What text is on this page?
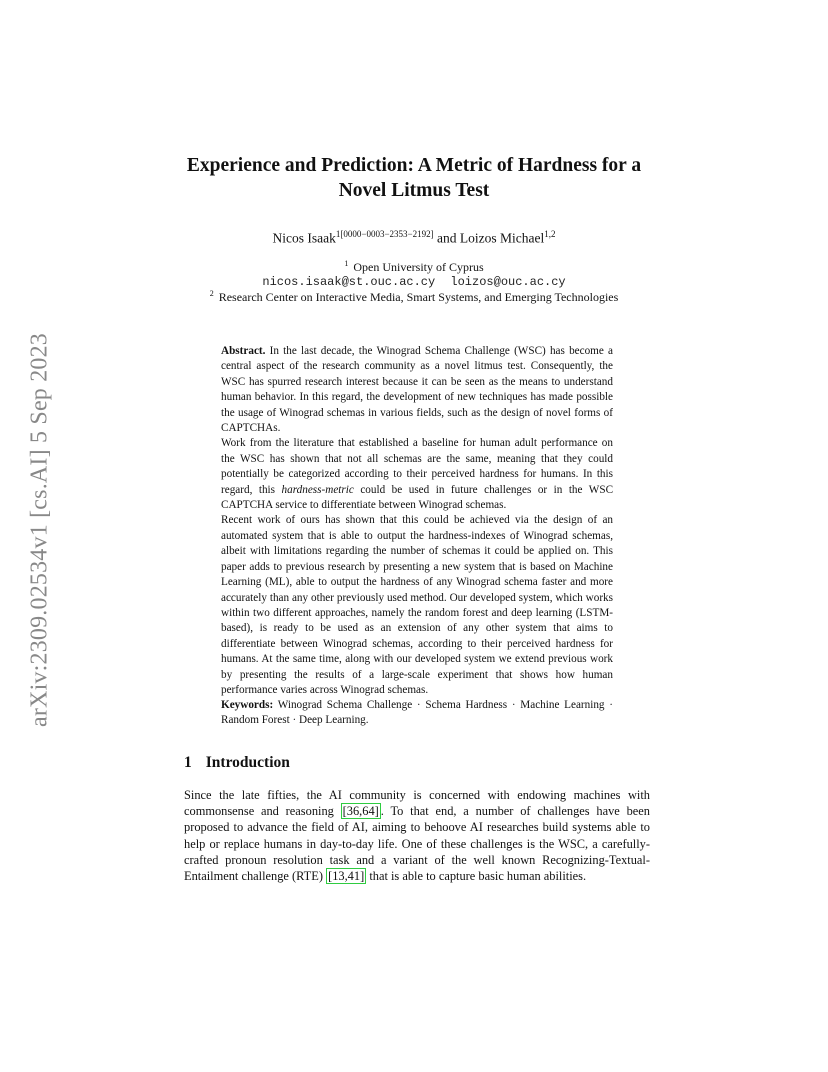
arXiv:2309.02534v1 [cs.AI] 5 Sep 2023
Experience and Prediction: A Metric of Hardness for a
Novel Litmus Test
Nicos Isaak$^{1[0000-0003-2353-2192]}$ and Loizos Michael$^{1,2}$
$^1$ Open University of Cyprus
nicos.isaak@st.ouc.ac.cy loizos@ouc.ac.cy
$^2$ Research Center on Interactive Media, Smart Systems, and Emerging Technologies

Abstract. In the last decade, the Winograd Schema Challenge (WSC) has become a central aspect of the research community as a novel litmus test. Consequently, the WSC has spurred research interest because it can be seen as the means to understand human behavior. In this regard, the development of new techniques has made possible the usage of Winograd schemas in various fields, such as the design of novel forms of CAPTCHAs.

Work from the literature that established a baseline for human adult performance on the WSC has shown that not all schemas are the same, meaning that they could potentially be categorized according to their perceived hardness for humans. In this regard, this hardness-metric could be used in future challenges or in the WSC CAPTCHA service to differentiate between Winograd schemas.

Recent work of ours has shown that this could be achieved via the design of an automated system that is able to output the hardness-indexes of Winograd schemas, albeit with limitations regarding the number of schemas it could be applied on. This paper adds to previous research by presenting a new system that is based on Machine Learning (ML), able to output the hardness of any Winograd schema faster and more accurately than any other previously used method. Our developed system, which works within two different approaches, namely the random forest and deep learning (LSTM-based), is ready to be used as an extension of any other system that aims to differentiate between Winograd schemas, according to their perceived hardness for humans. At the same time, along with our developed system we extend previous work by presenting the results of a large-scale experiment that shows how human performance varies across Winograd schemas.

Keywords: Winograd Schema Challenge · Schema Hardness · Machine Learning · Random Forest · Deep Learning.
1 Introduction

Since the late fifties, the AI community is concerned with endowing machines with commonsense and reasoning [36,64] . To that end, a number of challenges have been proposed to advance the field of AI, aiming to behoove AI researches build systems able to help or replace humans in day-to-day life. One of these challenges is the WSC, a carefully-crafted pronoun resolution task and a variant of the well known Recognizing-Textual-Entailment challenge (RTE) [13,41] that is able to capture basic human abilities.
